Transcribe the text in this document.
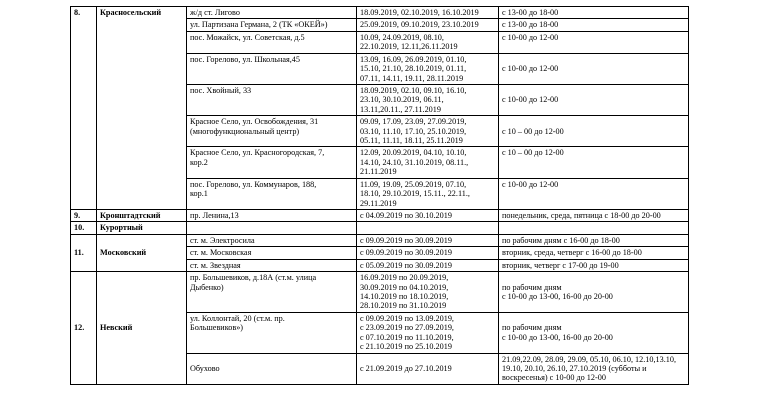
8.	Красносельский	ж/д ст. Лигово	18.09.2019, 02.10.2019, 16.10.2019	с 13-00 до 18-00
		ул. Партизана Германа, 2 (ТК «ОКЕЙ»)	25.09.2019, 09.10.2019, 23.10.2019	с 13-00 до 18-00
		пос. Можайск, ул. Советская, д.5	10.09, 24.09.2019, 08.10,
22.10.2019, 12.11,26.11.2019	с 10-00 до 12-00
		пос. Горелово, ул. Школьная,45	13.09, 16.09, 26.09.2019, 01.10,
15.10, 21.10, 28.10.2019, 01.11,
07.11, 14.11, 19.11, 28.11.2019	с 10-00 до 12-00
		пос. Хвойный, 33	18.09.2019, 02.10, 09.10, 16.10,
23.10, 30.10.2019, 06.11,
13.11,20.11., 27.11.2019	с 10-00 до 12-00
		Красное Село, ул. Освобождения, 31
(многофункциональный центр)	09.09, 17.09, 23.09, 27.09.2019,
03.10, 11.10, 17.10, 25.10.2019,
05.11, 11.11, 18.11, 25.11.2019	с 10 – 00 до 12-00
		Красное Село, ул. Красногородская, 7,
кор.2	12.09, 20.09.2019, 04.10, 10.10,
14.10, 24.10, 31.10.2019, 08.11.,
21.11.2019	с 10 – 00 до 12-00
		пос. Горелово, ул. Коммунаров, 188,
кор.1	11.09, 19.09, 25.09.2019, 07.10,
18.10, 29.10.2019, 15.11., 22.11.,
29.11.2019	с 10-00 до 12-00
9.	Кронштадтский	пр. Ленина,13	с 04.09.2019 по 30.10.2019	понедельник, среда, пятница с 18-00 до 20-00
10.	Курортный			
11.	Московский	ст. м. Электросила	с 09.09.2019 по 30.09.2019	по рабочим дням с 16-00 до 18-00
		ст. м. Московская	с 09.09.2019 по 30.09.2019	вторник, среда, четверг с 16-00 до 18-00
		ст. м. Звездная	с 05.09.2019 по 30.09.2019	вторник, четверг с 17-00 до 19-00
12.	Невский	пр. Большевиков, д.18А (ст.м. улица
Дыбенко)	16.09.2019 по 20.09.2019,
30.09.2019 по 04.10.2019,
14.10.2019 по 18.10.2019,
28.10.2019 по 31.10.2019	по рабочим дням
с 10-00 до 13-00, 16-00 до 20-00
		ул. Коллонтай, 20 (ст.м. пр.
Большевиков»)	с 09.09.2019 по 13.09.2019,
с 23.09.2019 по 27.09.2019,
с 07.10.2019 по 11.10.2019,
с 21.10.2019 по 25.10.2019	по рабочим дням
с 10-00 до 13-00, 16-00 до 20-00
		Обухово	с 21.09.2019 до 27.10.2019	21.09,22.09, 28.09, 29.09, 05.10, 06.10, 12.10,13.10,
19.10, 20.10, 26.10, 27.10.2019 (субботы и
воскресенья) с 10-00 до 12-00
